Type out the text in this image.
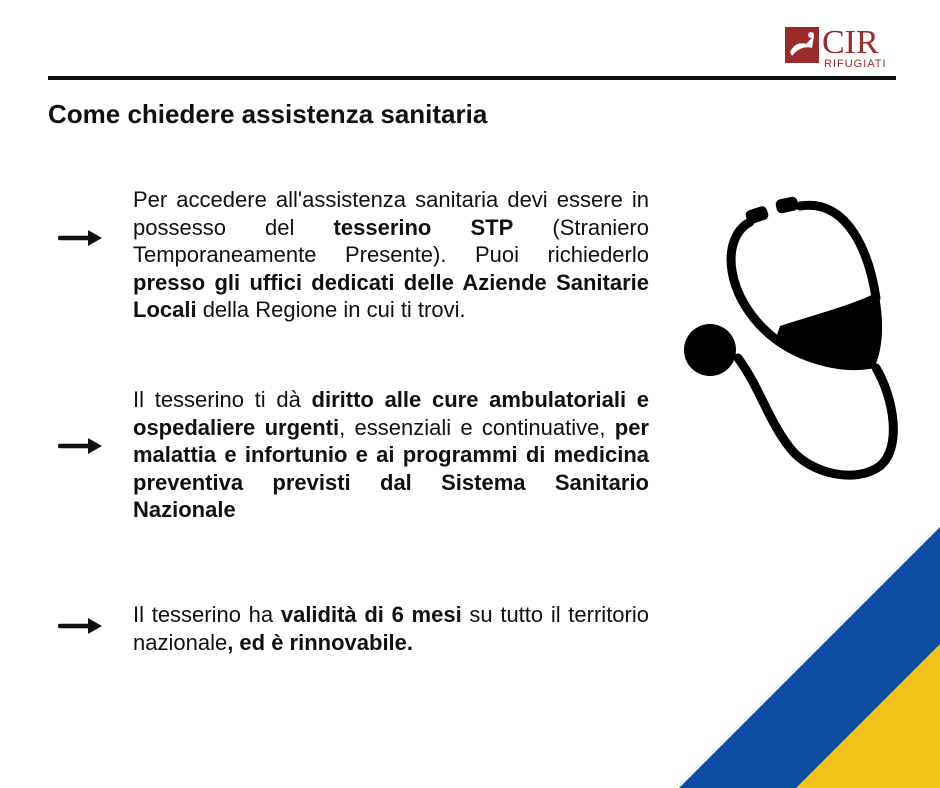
CIR
RIFUGIATI
Come chiedere assistenza sanitaria
Per accedere all'assistenza sanitaria devi essere in possesso del tesserino STP (Straniero Temporaneamente Presente). Puoi richiederlo presso gli uffici dedicati delle Aziende Sanitarie Locali della Regione in cui ti trovi.
Il tesserino ti dà diritto alle cure ambulatoriali e ospedaliere urgenti, essenziali e continuative, per malattia e infortunio e ai programmi di medicina preventiva previsti dal Sistema Sanitario Nazionale
Il tesserino ha validità di 6 mesi su tutto il territorio nazionale, ed è rinnovabile.
